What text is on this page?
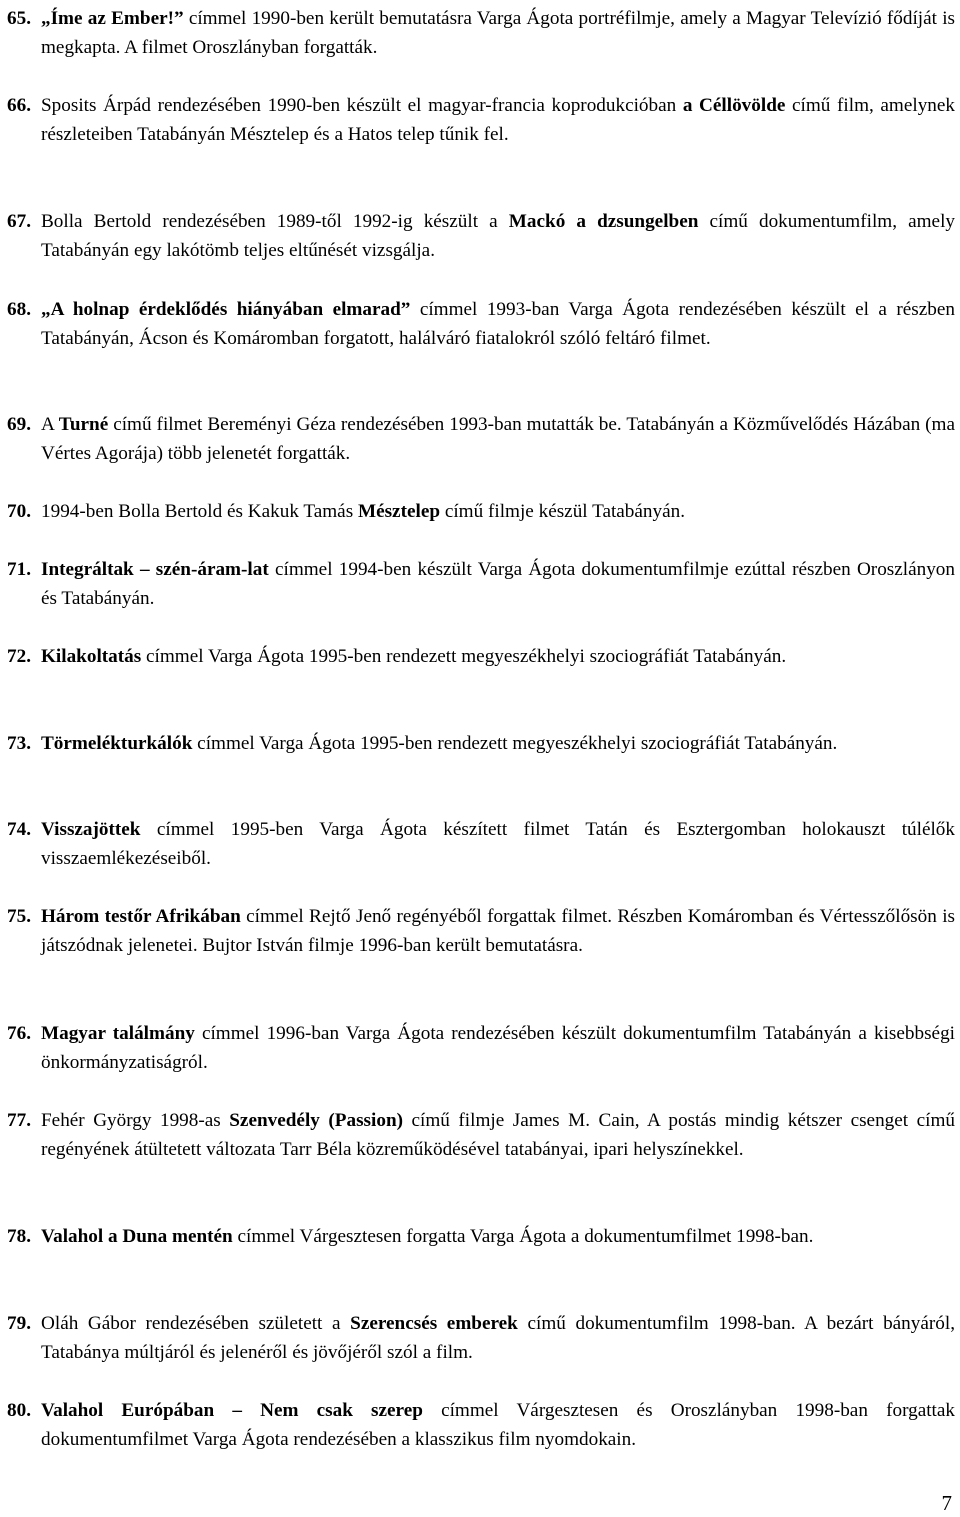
65. „Íme az Ember!” címmel 1990-ben került bemutatásra Varga Ágota portréfilmje, amely a Magyar Televízió fődíját is megkapta. A filmet Oroszlányban forgatták.
66. Sposits Árpád rendezésében 1990-ben készült el magyar-francia koprodukcióban a Céllövölde című film, amelynek részleteiben Tatabányán Mésztelep és a Hatos telep tűnik fel.
67. Bolla Bertold rendezésében 1989-től 1992-ig készült a Mackó a dzsungelben című dokumentumfilm, amely Tatabányán egy lakótömb teljes eltűnését vizsgálja.
68. „A holnap érdeklődés hiányában elmarad” címmel 1993-ban Varga Ágota rendezésében készült el a részben Tatabányán, Ácson és Komáromban forgatott, halálváró fiatalokról szóló feltáró filmet.
69. A Turné című filmet Bereményi Géza rendezésében 1993-ban mutatták be. Tatabányán a Közművelődés Házában (ma Vértes Agorája) több jelenetét forgatták.
70. 1994-ben Bolla Bertold és Kakuk Tamás Mésztelep című filmje készül Tatabányán.
71. Integráltak – szén-áram-lat címmel 1994-ben készült Varga Ágota dokumentumfilmje ezúttal részben Oroszlányon és Tatabányán.
72. Kilakoltatás címmel Varga Ágota 1995-ben rendezett megyeszékhelyi szociográfiát Tatabányán.
73. Törmelékturkálók címmel Varga Ágota 1995-ben rendezett megyeszékhelyi szociográfiát Tatabányán.
74. Visszajöttek címmel 1995-ben Varga Ágota készített filmet Tatán és Esztergomban holokauszt túlélők visszaemlékezéseiből.
75. Három testőr Afrikában címmel Rejtő Jenő regényéből forgattak filmet. Részben Komáromban és Vértesszőlősön is játszódnak jelenetei. Bujtor István filmje 1996-ban került bemutatásra.
76. Magyar találmány címmel 1996-ban Varga Ágota rendezésében készült dokumentumfilm Tatabányán a kisebbségi önkormányzatiságról.
77. Fehér György 1998-as Szenvedély (Passion) című filmje James M. Cain, A postás mindig kétszer csenget című regényének átültetett változata Tarr Béla közreműködésével tatabányai, ipari helyszínekkel.
78. Valahol a Duna mentén címmel Várgesztesen forgatta Varga Ágota a dokumentumfilmet 1998-ban.
79. Oláh Gábor rendezésében született a Szerencsés emberek című dokumentumfilm 1998-ban. A bezárt bányáról, Tatabánya múltjáról és jelenéről és jövőjéről szól a film.
80. Valahol Európában – Nem csak szerep címmel Várgesztesen és Oroszlányban 1998-ban forgattak dokumentumfilmet Varga Ágota rendezésében a klasszikus film nyomdokain.
7
